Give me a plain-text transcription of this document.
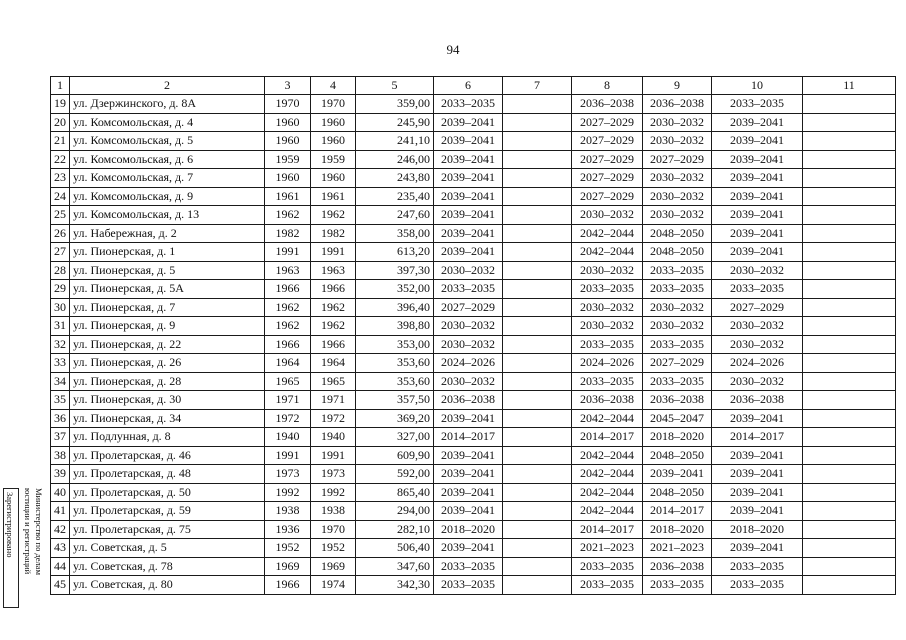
94
1	2	3	4	5	6	7	8	9	10	11
19	ул. Дзержинского, д. 8А	1970	1970	359,00	2033–2035		2036–2038	2036–2038	2033–2035	
20	ул. Комсомольская, д. 4	1960	1960	245,90	2039–2041		2027–2029	2030–2032	2039–2041	
21	ул. Комсомольская, д. 5	1960	1960	241,10	2039–2041		2027–2029	2030–2032	2039–2041	
22	ул. Комсомольская, д. 6	1959	1959	246,00	2039–2041		2027–2029	2027–2029	2039–2041	
23	ул. Комсомольская, д. 7	1960	1960	243,80	2039–2041		2027–2029	2030–2032	2039–2041	
24	ул. Комсомольская, д. 9	1961	1961	235,40	2039–2041		2027–2029	2030–2032	2039–2041	
25	ул. Комсомольская, д. 13	1962	1962	247,60	2039–2041		2030–2032	2030–2032	2039–2041	
26	ул. Набережная, д. 2	1982	1982	358,00	2039–2041		2042–2044	2048–2050	2039–2041	
27	ул. Пионерская, д. 1	1991	1991	613,20	2039–2041		2042–2044	2048–2050	2039–2041	
28	ул. Пионерская, д. 5	1963	1963	397,30	2030–2032		2030–2032	2033–2035	2030–2032	
29	ул. Пионерская, д. 5А	1966	1966	352,00	2033–2035		2033–2035	2033–2035	2033–2035	
30	ул. Пионерская, д. 7	1962	1962	396,40	2027–2029		2030–2032	2030–2032	2027–2029	
31	ул. Пионерская, д. 9	1962	1962	398,80	2030–2032		2030–2032	2030–2032	2030–2032	
32	ул. Пионерская, д. 22	1966	1966	353,00	2030–2032		2033–2035	2033–2035	2030–2032	
33	ул. Пионерская, д. 26	1964	1964	353,60	2024–2026		2024–2026	2027–2029	2024–2026	
34	ул. Пионерская, д. 28	1965	1965	353,60	2030–2032		2033–2035	2033–2035	2030–2032	
35	ул. Пионерская, д. 30	1971	1971	357,50	2036–2038		2036–2038	2036–2038	2036–2038	
36	ул. Пионерская, д. 34	1972	1972	369,20	2039–2041		2042–2044	2045–2047	2039–2041	
37	ул. Подлунная, д. 8	1940	1940	327,00	2014–2017		2014–2017	2018–2020	2014–2017	
38	ул. Пролетарская, д. 46	1991	1991	609,90	2039–2041		2042–2044	2048–2050	2039–2041	
39	ул. Пролетарская, д. 48	1973	1973	592,00	2039–2041		2042–2044	2039–2041	2039–2041	
40	ул. Пролетарская, д. 50	1992	1992	865,40	2039–2041		2042–2044	2048–2050	2039–2041	
41	ул. Пролетарская, д. 59	1938	1938	294,00	2039–2041		2042–2044	2014–2017	2039–2041	
42	ул. Пролетарская, д. 75	1936	1970	282,10	2018–2020		2014–2017	2018–2020	2018–2020	
43	ул. Советская, д. 5	1952	1952	506,40	2039–2041		2021–2023	2021–2023	2039–2041	
44	ул. Советская, д. 78	1969	1969	347,60	2033–2035		2033–2035	2036–2038	2033–2035	
45	ул. Советская, д. 80	1966	1974	342,30	2033–2035		2033–2035	2033–2035	2033–2035	
Министерство по делам
юстиции и регистраций
Зарегистрировано
